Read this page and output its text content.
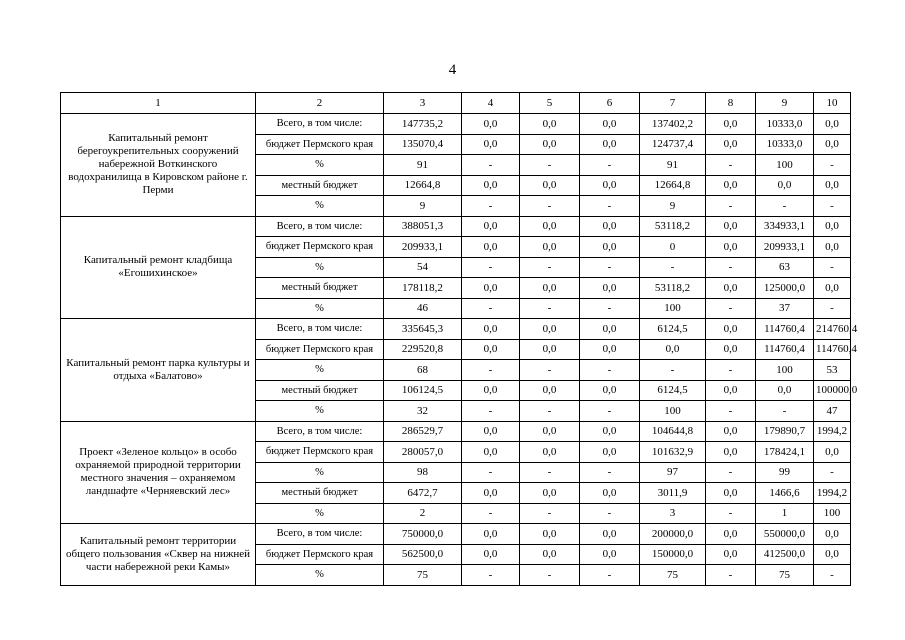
4
1	2	3	4	5	6	7	8	9	10
Капитальный ремонт берегоукрепительных сооружений набережной Воткинского водохранилища в Кировском районе г. Перми	Всего, в том числе:	147735,2	0,0	0,0	0,0	137402,2	0,0	10333,0	0,0
	бюджет Пермского края	135070,4	0,0	0,0	0,0	124737,4	0,0	10333,0	0,0
	%	91	-	-	-	91	-	100	-
	местный бюджет	12664,8	0,0	0,0	0,0	12664,8	0,0	0,0	0,0
	%	9	-	-	-	9	-	-	-
Капитальный ремонт кладбища «Егошихинское»	Всего, в том числе:	388051,3	0,0	0,0	0,0	53118,2	0,0	334933,1	0,0
	бюджет Пермского края	209933,1	0,0	0,0	0,0	0	0,0	209933,1	0,0
	%	54	-	-	-	-	-	63	-
	местный бюджет	178118,2	0,0	0,0	0,0	53118,2	0,0	125000,0	0,0
	%	46	-	-	-	100	-	37	-
Капитальный ремонт парка культуры и отдыха «Балатово»	Всего, в том числе:	335645,3	0,0	0,0	0,0	6124,5	0,0	114760,4	214760,4
	бюджет Пермского края	229520,8	0,0	0,0	0,0	0,0	0,0	114760,4	114760,4
	%	68	-	-	-	-	-	100	53
	местный бюджет	106124,5	0,0	0,0	0,0	6124,5	0,0	0,0	100000,0
	%	32	-	-	-	100	-	-	47
Проект «Зеленое кольцо» в особо охраняемой природной территории местного значения – охраняемом ландшафте «Черняевский лес»	Всего, в том числе:	286529,7	0,0	0,0	0,0	104644,8	0,0	179890,7	1994,2
	бюджет Пермского края	280057,0	0,0	0,0	0,0	101632,9	0,0	178424,1	0,0
	%	98	-	-	-	97	-	99	-
	местный бюджет	6472,7	0,0	0,0	0,0	3011,9	0,0	1466,6	1994,2
	%	2	-	-	-	3	-	1	100
Капитальный ремонт территории общего пользования «Сквер на нижней части набережной реки Камы»	Всего, в том числе:	750000,0	0,0	0,0	0,0	200000,0	0,0	550000,0	0,0
	бюджет Пермского края	562500,0	0,0	0,0	0,0	150000,0	0,0	412500,0	0,0
	%	75	-	-	-	75	-	75	-
